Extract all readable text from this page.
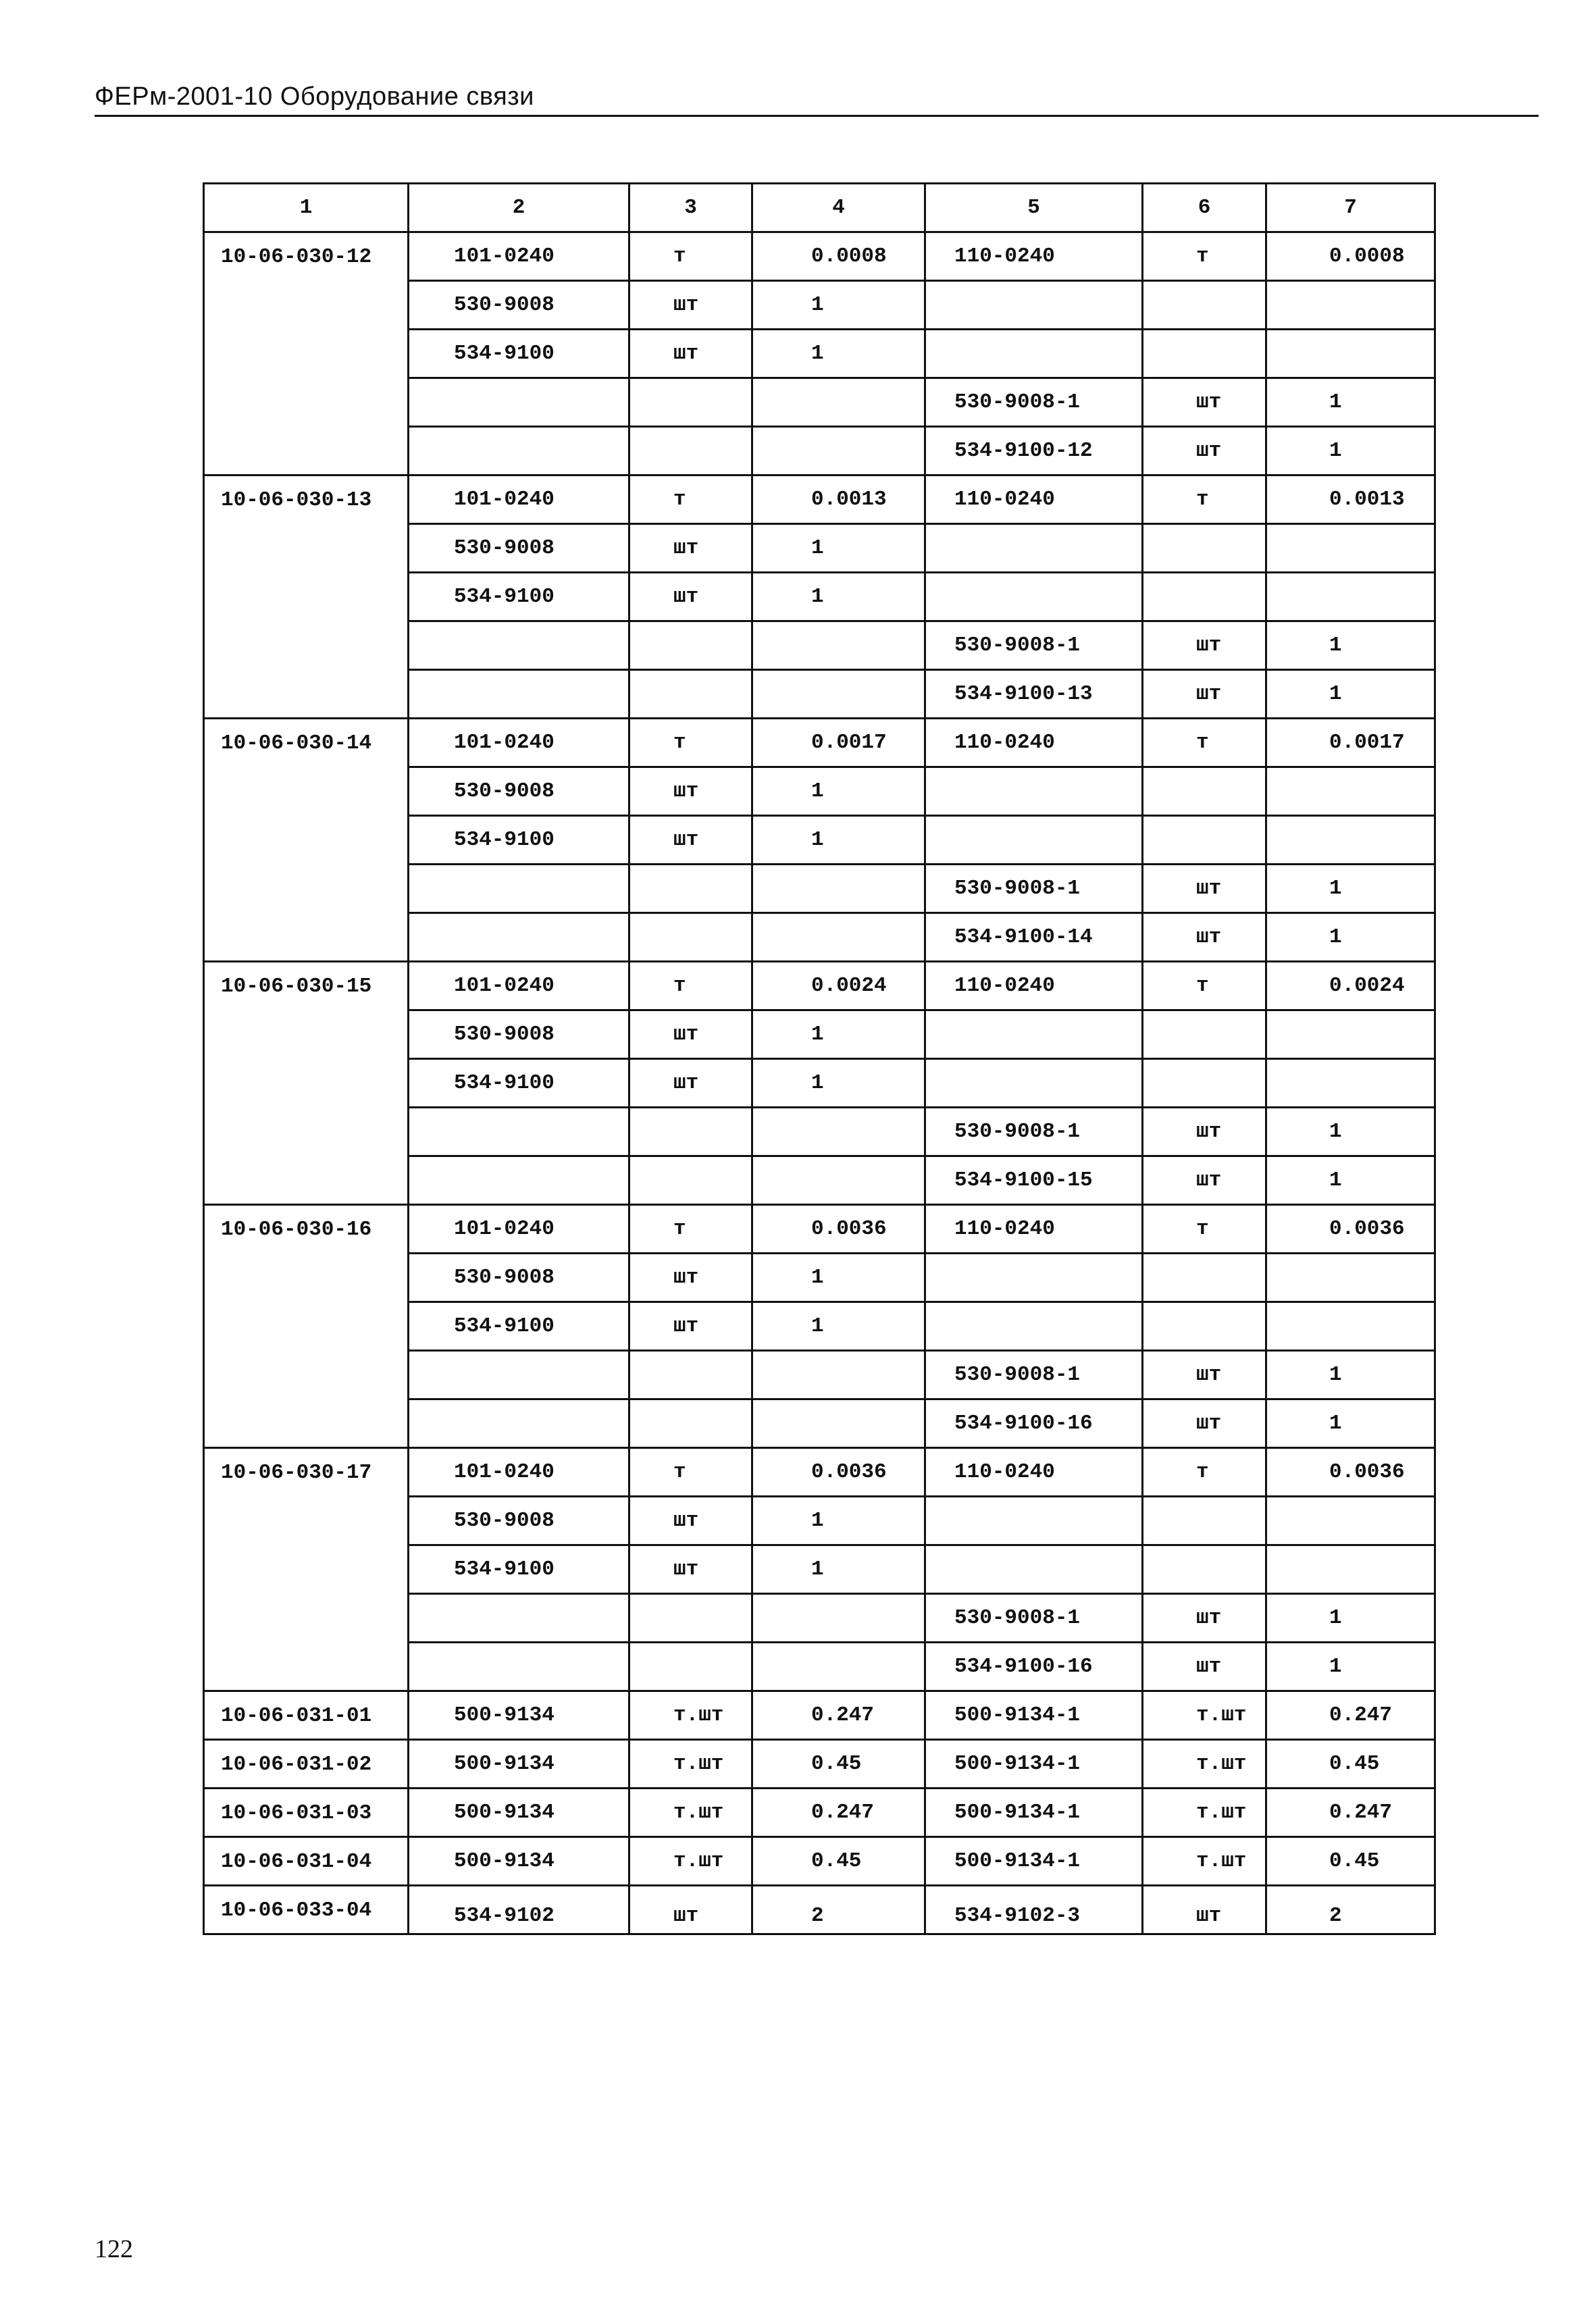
ФЕРм-2001-10 Оборудование связи
1	2	3	4	5	6	7
10-06-030-12	101-0240	т	0.0008	110-0240	т	0.0008
	530-9008	шт	1			
	534-9100	шт	1			
				530-9008-1	шт	1
				534-9100-12	шт	1
10-06-030-13	101-0240	т	0.0013	110-0240	т	0.0013
	530-9008	шт	1			
	534-9100	шт	1			
				530-9008-1	шт	1
				534-9100-13	шт	1
10-06-030-14	101-0240	т	0.0017	110-0240	т	0.0017
	530-9008	шт	1			
	534-9100	шт	1			
				530-9008-1	шт	1
				534-9100-14	шт	1
10-06-030-15	101-0240	т	0.0024	110-0240	т	0.0024
	530-9008	шт	1			
	534-9100	шт	1			
				530-9008-1	шт	1
				534-9100-15	шт	1
10-06-030-16	101-0240	т	0.0036	110-0240	т	0.0036
	530-9008	шт	1			
	534-9100	шт	1			
				530-9008-1	шт	1
				534-9100-16	шт	1
10-06-030-17	101-0240	т	0.0036	110-0240	т	0.0036
	530-9008	шт	1			
	534-9100	шт	1			
				530-9008-1	шт	1
				534-9100-16	шт	1
10-06-031-01	500-9134	т.шт	0.247	500-9134-1	т.шт	0.247
10-06-031-02	500-9134	т.шт	0.45	500-9134-1	т.шт	0.45
10-06-031-03	500-9134	т.шт	0.247	500-9134-1	т.шт	0.247
10-06-031-04	500-9134	т.шт	0.45	500-9134-1	т.шт	0.45
10-06-033-04	534-9102	шт	2	534-9102-3	шт	2
122
